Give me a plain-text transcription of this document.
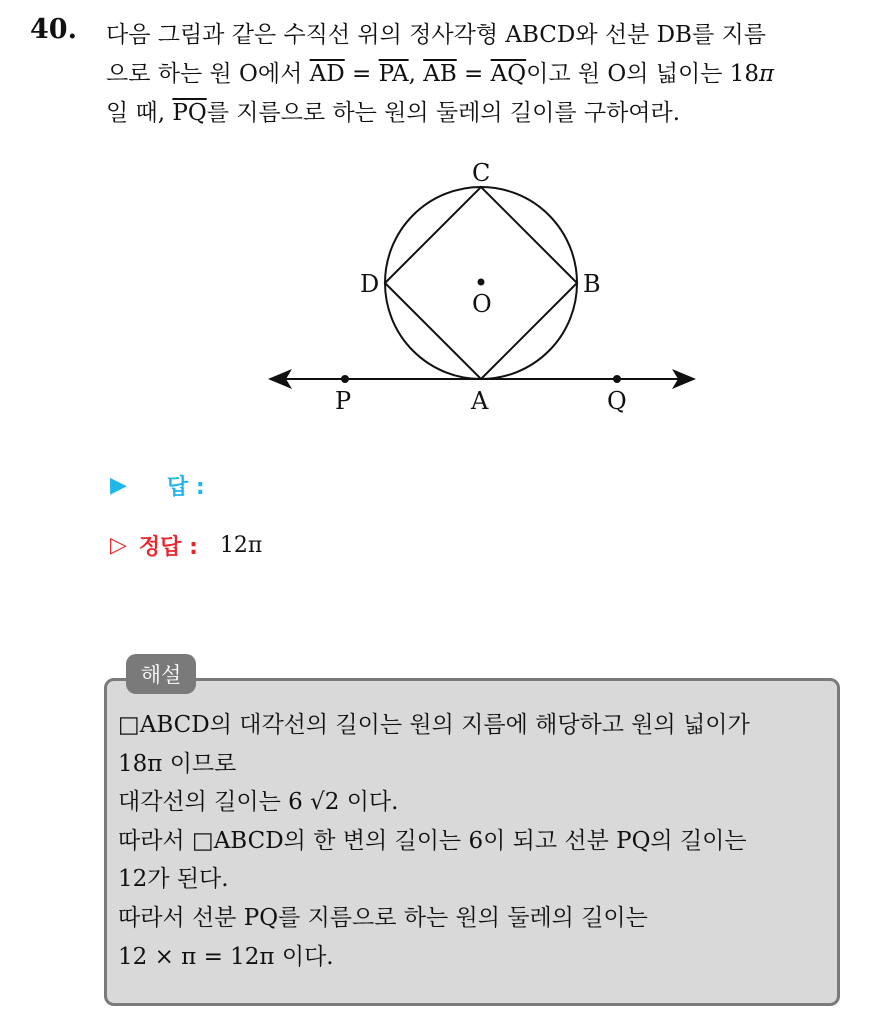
40. 다음 그림과 같은 수직선 위의 정사각형 ABCD와 선분 DB를 지름
으로 하는 원 O에서 $\overline{AD} = \overline{PA}$, $\overline{AB} = \overline{AQ}$이고 원 O의 넓이는 18π
일 때, $\overline{PQ}$를 지름으로 하는 원의 둘레의 길이를 구하여라.
C
D	B
O
P	A	Q
▶ 답 :
▷ 정답 : 12π
해설
□ABCD의 대각선의 길이는 원의 지름에 해당하고 원의 넓이가
18π 이므로
대각선의 길이는 6 √2 이다.
따라서 □ABCD의 한 변의 길이는 6이 되고 선분 PQ의 길이는
12가 된다.
따라서 선분 PQ를 지름으로 하는 원의 둘레의 길이는
12 × π = 12π 이다.
